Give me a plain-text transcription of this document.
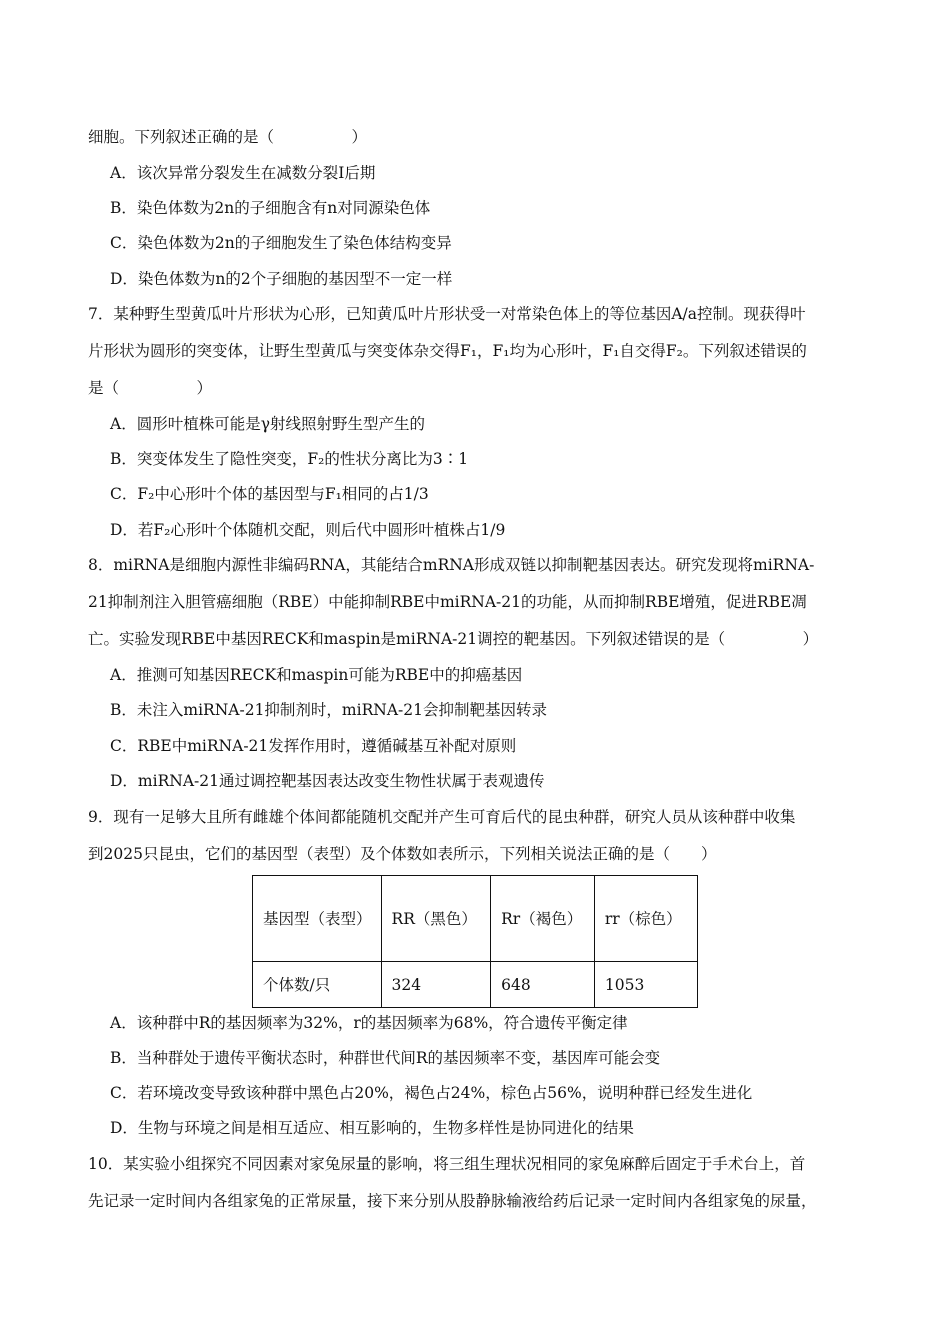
细胞。下列叙述正确的是（　　　　　）
A．该次异常分裂发生在减数分裂Ⅰ后期
B．染色体数为2n的子细胞含有n对同源染色体
C．染色体数为2n的子细胞发生了染色体结构变异
D．染色体数为n的2个子细胞的基因型不一定一样
7．某种野生型黄瓜叶片形状为心形，已知黄瓜叶片形状受一对常染色体上的等位基因A/a控制。现获得叶
片形状为圆形的突变体，让野生型黄瓜与突变体杂交得F₁，F₁均为心形叶，F₁自交得F₂。下列叙述错误的
是（　　　　　）
A．圆形叶植株可能是γ射线照射野生型产生的
B．突变体发生了隐性突变，F₂的性状分离比为3∶1
C．F₂中心形叶个体的基因型与F₁相同的占1/3
D．若F₂心形叶个体随机交配，则后代中圆形叶植株占1/9
8．miRNA是细胞内源性非编码RNA，其能结合mRNA形成双链以抑制靶基因表达。研究发现将miRNA-
21抑制剂注入胆管癌细胞（RBE）中能抑制RBE中miRNA-21的功能，从而抑制RBE增殖，促进RBE凋
亡。实验发现RBE中基因RECK和maspin是miRNA-21调控的靶基因。下列叙述错误的是（　　　　　）
A．推测可知基因RECK和maspin可能为RBE中的抑癌基因
B．未注入miRNA-21抑制剂时，miRNA-21会抑制靶基因转录
C．RBE中miRNA-21发挥作用时，遵循碱基互补配对原则
D．miRNA-21通过调控靶基因表达改变生物性状属于表观遗传
9．现有一足够大且所有雌雄个体间都能随机交配并产生可育后代的昆虫种群，研究人员从该种群中收集
到2025只昆虫，它们的基因型（表型）及个体数如表所示，下列相关说法正确的是（　　）
基因型（表型）	RR（黑色）	Rr（褐色）	rr（棕色）
个体数/只	324	648	1053
A．该种群中R的基因频率为32%，r的基因频率为68%，符合遗传平衡定律
B．当种群处于遗传平衡状态时，种群世代间R的基因频率不变，基因库可能会变
C．若环境改变导致该种群中黑色占20%，褐色占24%，棕色占56%，说明种群已经发生进化
D．生物与环境之间是相互适应、相互影响的，生物多样性是协同进化的结果
10．某实验小组探究不同因素对家兔尿量的影响，将三组生理状况相同的家兔麻醉后固定于手术台上，首
先记录一定时间内各组家兔的正常尿量，接下来分别从股静脉输液给药后记录一定时间内各组家兔的尿量，
